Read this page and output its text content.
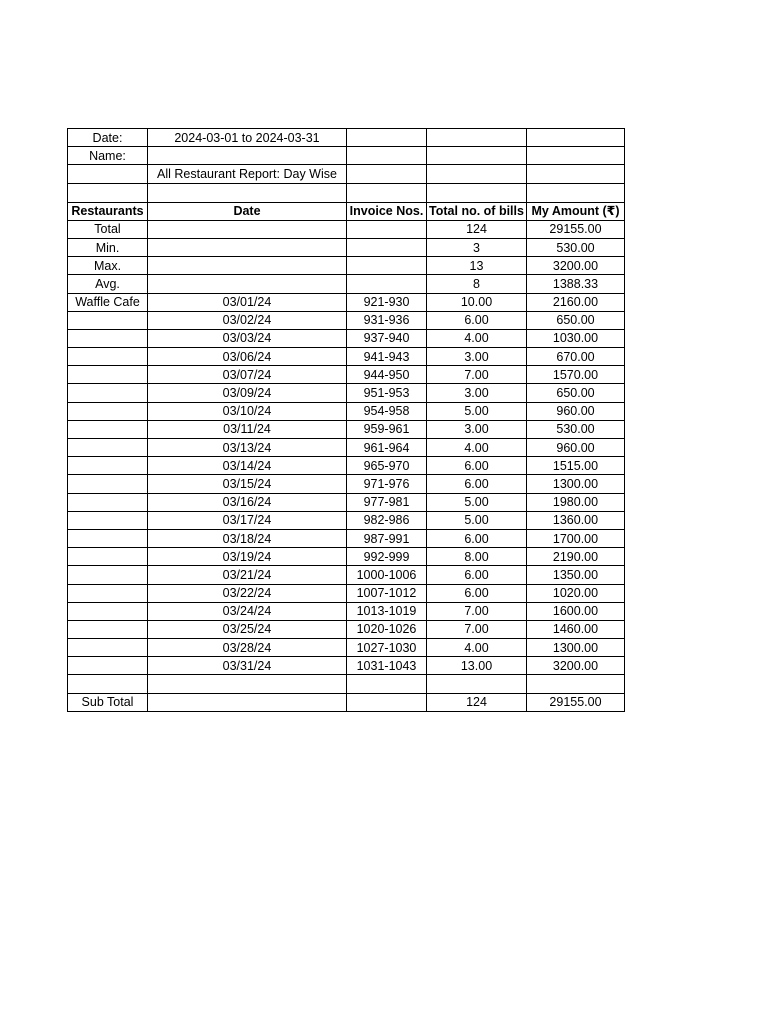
Date:	2024-03-01 to 2024-03-31			
Name:				
	All Restaurant Report: Day Wise			

Restaurants	Date	Invoice Nos.	Total no. of bills	My Amount (₹)
Total			124	29155.00
Min.			3	530.00
Max.			13	3200.00
Avg.			8	1388.33
Waffle Cafe	03/01/24	921-930	10.00	2160.00
	03/02/24	931-936	6.00	650.00
	03/03/24	937-940	4.00	1030.00
	03/06/24	941-943	3.00	670.00
	03/07/24	944-950	7.00	1570.00
	03/09/24	951-953	3.00	650.00
	03/10/24	954-958	5.00	960.00
	03/11/24	959-961	3.00	530.00
	03/13/24	961-964	4.00	960.00
	03/14/24	965-970	6.00	1515.00
	03/15/24	971-976	6.00	1300.00
	03/16/24	977-981	5.00	1980.00
	03/17/24	982-986	5.00	1360.00
	03/18/24	987-991	6.00	1700.00
	03/19/24	992-999	8.00	2190.00
	03/21/24	1000-1006	6.00	1350.00
	03/22/24	1007-1012	6.00	1020.00
	03/24/24	1013-1019	7.00	1600.00
	03/25/24	1020-1026	7.00	1460.00
	03/28/24	1027-1030	4.00	1300.00
	03/31/24	1031-1043	13.00	3200.00

Sub Total			124	29155.00
